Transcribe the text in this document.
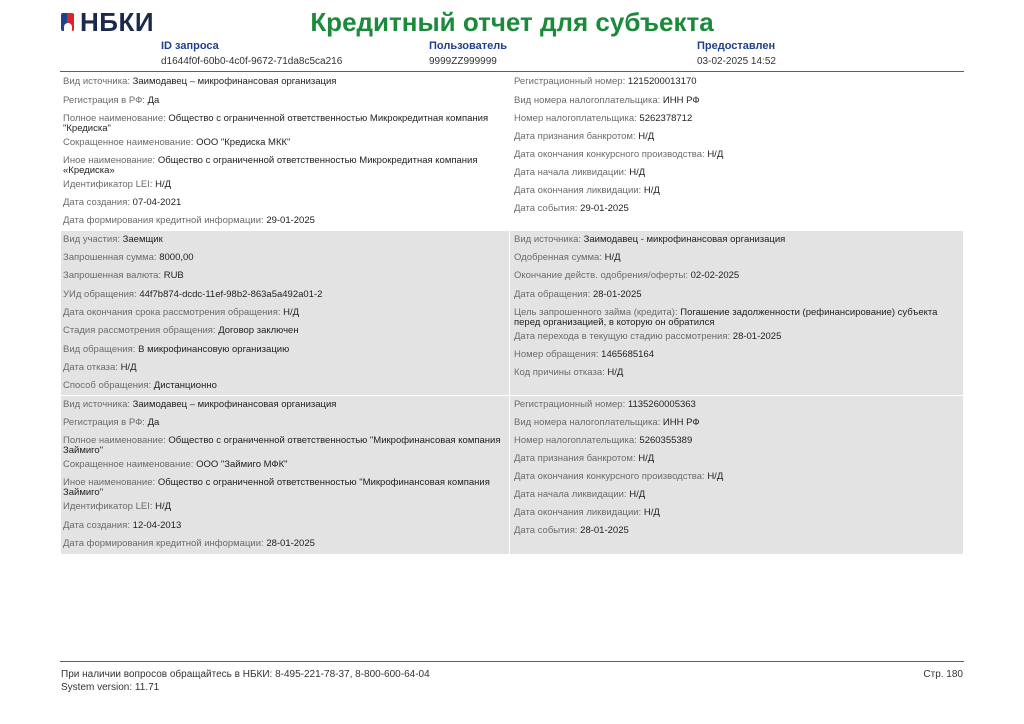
НБКИ	Кредитный отчет для субъекта
ID запроса
d1644f0f-60b0-4c0f-9672-71da8c5ca216
Пользователь
9999ZZ999999
Предоставлен
03-02-2025 14:52
Вид источника: Заимодавец – микрофинансовая организация
Регистрация в РФ: Да
Полное наименование: Общество с ограниченной ответственностью Микрокредитная компания "Кредиска"
Сокращенное наименование: ООО "Кредиска МКК"
Иное наименование: Общество с ограниченной ответственностью Микрокредитная компания «Кредиска»
Идентификатор LEI: Н/Д
Дата создания: 07-04-2021
Дата формирования кредитной информации: 29-01-2025
Регистрационный номер: 1215200013170
Вид номера налогоплательщика: ИНН РФ
Номер налогоплательщика: 5262378712
Дата признания банкротом: Н/Д
Дата окончания конкурсного производства: Н/Д
Дата начала ликвидации: Н/Д
Дата окончания ликвидации: Н/Д
Дата события: 29-01-2025
Вид участия: Заемщик
Запрошенная сумма: 8000,00
Запрошенная валюта: RUB
УИд обращения: 44f7b874-dcdc-11ef-98b2-863a5a492a01-2
Дата окончания срока рассмотрения обращения: Н/Д
Стадия рассмотрения обращения: Договор заключен
Вид обращения: В микрофинансовую организацию
Дата отказа: Н/Д
Способ обращения: Дистанционно
Вид источника: Заимодавец - микрофинансовая организация
Одобренная сумма: Н/Д
Окончание действ. одобрения/оферты: 02-02-2025
Дата обращения: 28-01-2025
Цель запрошенного займа (кредита): Погашение задолженности (рефинансирование) субъекта перед организацией, в которую он обратился
Дата перехода в текущую стадию рассмотрения: 28-01-2025
Номер обращения: 1465685164
Код причины отказа: Н/Д
Вид источника: Заимодавец – микрофинансовая организация
Регистрация в РФ: Да
Полное наименование: Общество с ограниченной ответственностью "Микрофинансовая компания Займиго"
Сокращенное наименование: ООО "Займиго МФК"
Иное наименование: Общество с ограниченной ответственностью "Микрофинансовая компания Займиго"
Идентификатор LEI: Н/Д
Дата создания: 12-04-2013
Дата формирования кредитной информации: 28-01-2025
Регистрационный номер: 1135260005363
Вид номера налогоплательщика: ИНН РФ
Номер налогоплательщика: 5260355389
Дата признания банкротом: Н/Д
Дата окончания конкурсного производства: Н/Д
Дата начала ликвидации: Н/Д
Дата окончания ликвидации: Н/Д
Дата события: 28-01-2025
При наличии вопросов обращайтесь в НБКИ: 8-495-221-78-37, 8-800-600-64-04
System version: 11.71
Стр. 180
